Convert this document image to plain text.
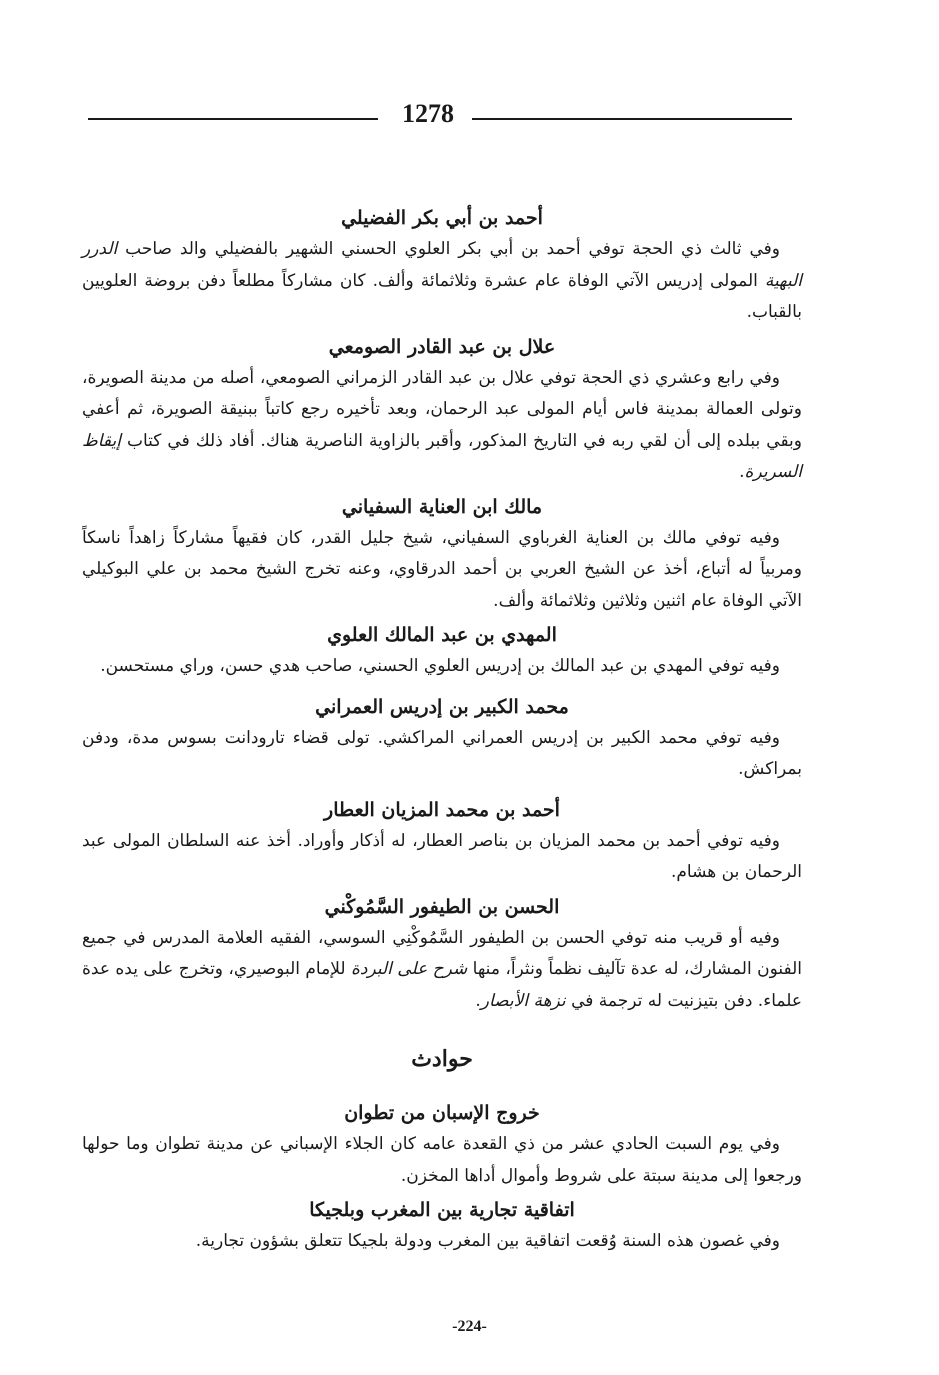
1278

أحمد بن أبي بكر الفضيلي

وفي ثالث ذي الحجة توفي أحمد بن أبي بكر العلوي الحسني الشهير بالفضيلي والد صاحب الدرر البهية المولى إدريس الآتي الوفاة عام عشرة وثلاثمائة وألف. كان مشاركاً مطلعاً دفن بروضة العلويين بالقباب.

علال بن عبد القادر الصومعي

وفي رابع وعشري ذي الحجة توفي علال بن عبد القادر الزمراني الصومعي، أصله من مدينة الصويرة، وتولى العمالة بمدينة فاس أيام المولى عبد الرحمان، وبعد تأخيره رجع كاتباً ببنيقة الصويرة، ثم أعفي وبقي ببلده إلى أن لقي ربه في التاريخ المذكور، وأقبر بالزاوية الناصرية هناك. أفاد ذلك في كتاب إيقاظ السريرة.

مالك ابن العناية السفياني

وفيه توفي مالك بن العناية الغرباوي السفياني، شيخ جليل القدر، كان فقيهاً مشاركاً زاهداً ناسكاً ومربياً له أتباع، أخذ عن الشيخ العربي بن أحمد الدرقاوي، وعنه تخرج الشيخ محمد بن علي البوكيلي الآتي الوفاة عام اثنين وثلاثين وثلاثمائة وألف.

المهدي بن عبد المالك العلوي

وفيه توفي المهدي بن عبد المالك بن إدريس العلوي الحسني، صاحب هدي حسن، وراي مستحسن.

محمد الكبير بن إدريس العمراني

وفيه توفي محمد الكبير بن إدريس العمراني المراكشي. تولى قضاء تارودانت بسوس مدة، ودفن بمراكش.

أحمد بن محمد المزيان العطار

وفيه توفي أحمد بن محمد المزيان بن بناصر العطار، له أذكار وأوراد. أخذ عنه السلطان المولى عبد الرحمان بن هشام.

الحسن بن الطيفور السَّمُوكْني

وفيه أو قريب منه توفي الحسن بن الطيفور السَّمُوكْنِي السوسي، الفقيه العلامة المدرس في جميع الفنون المشارك، له عدة تآليف نظماً ونثراً، منها شرح على البردة للإمام البوصيري، وتخرج على يده عدة علماء. دفن بتيزنيت له ترجمة في نزهة الأبصار.

حوادث

خروج الإسبان من تطوان

وفي يوم السبت الحادي عشر من ذي القعدة عامه كان الجلاء الإسباني عن مدينة تطوان وما حولها ورجعوا إلى مدينة سبتة على شروط وأموال أداها المخزن.

اتفاقية تجارية بين المغرب وبلجيكا

وفي غصون هذه السنة وُقعت اتفاقية بين المغرب ودولة بلجيكا تتعلق بشؤون تجارية.

-224-
